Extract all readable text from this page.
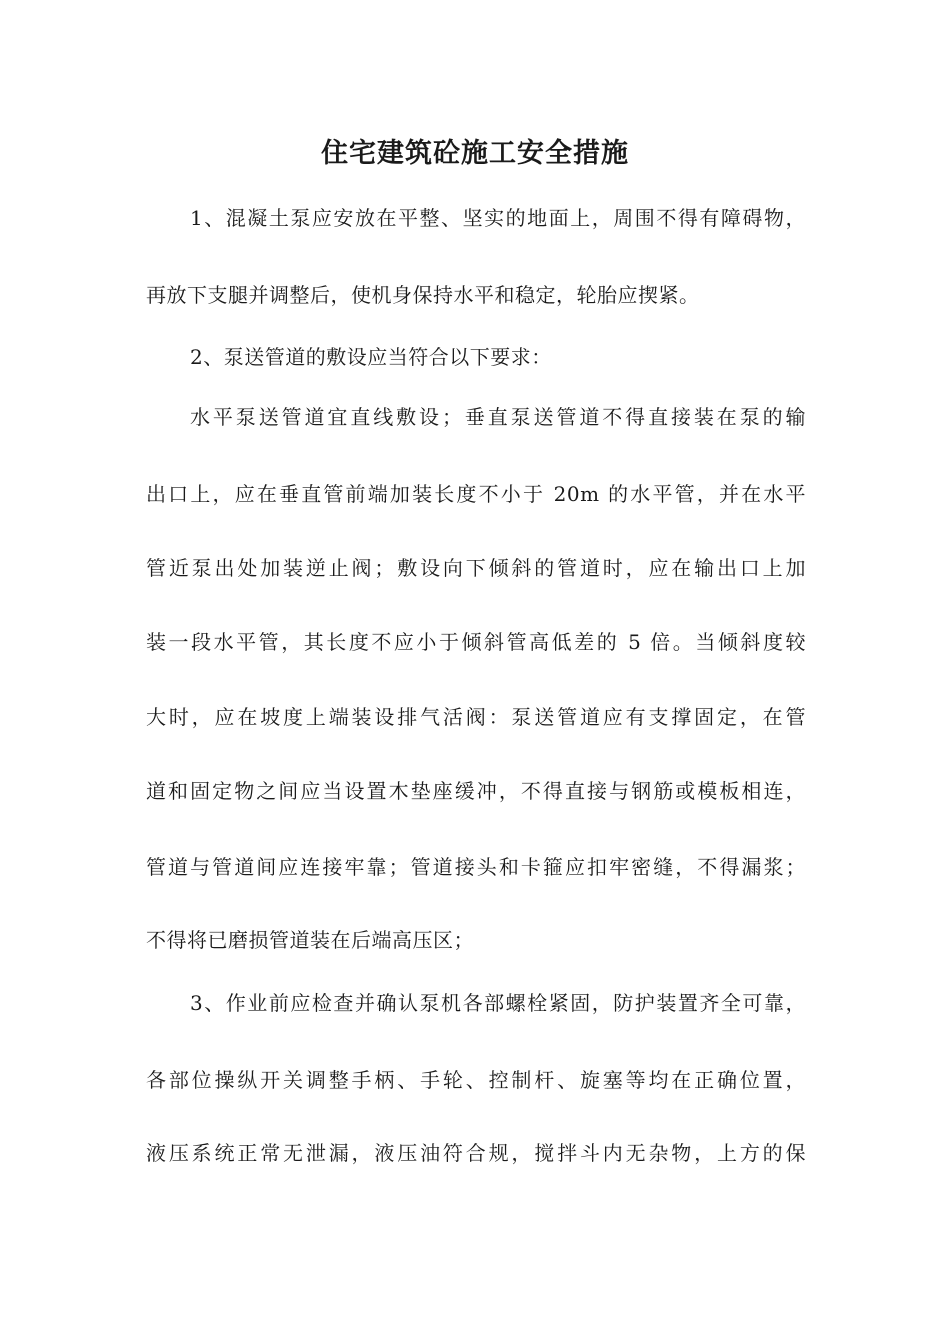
住宅建筑砼施工安全措施
1、混凝土泵应安放在平整、坚实的地面上，周围不得有障碍物，
再放下支腿并调整后，使机身保持水平和稳定，轮胎应揳紧。
2、泵送管道的敷设应当符合以下要求：
水平泵送管道宜直线敷设；垂直泵送管道不得直接装在泵的输
出口上，应在垂直管前端加装长度不小于 20m 的水平管，并在水平
管近泵出处加装逆止阀；敷设向下倾斜的管道时，应在输出口上加
装一段水平管，其长度不应小于倾斜管高低差的 5 倍。当倾斜度较
大时，应在坡度上端装设排气活阀：泵送管道应有支撑固定，在管
道和固定物之间应当设置木垫座缓冲，不得直接与钢筋或模板相连，
管道与管道间应连接牢靠；管道接头和卡箍应扣牢密缝，不得漏浆；
不得将已磨损管道装在后端高压区；
3、作业前应检查并确认泵机各部螺栓紧固，防护装置齐全可靠，
各部位操纵开关调整手柄、手轮、控制杆、旋塞等均在正确位置，
液压系统正常无泄漏，液压油符合规，搅拌斗内无杂物，上方的保
